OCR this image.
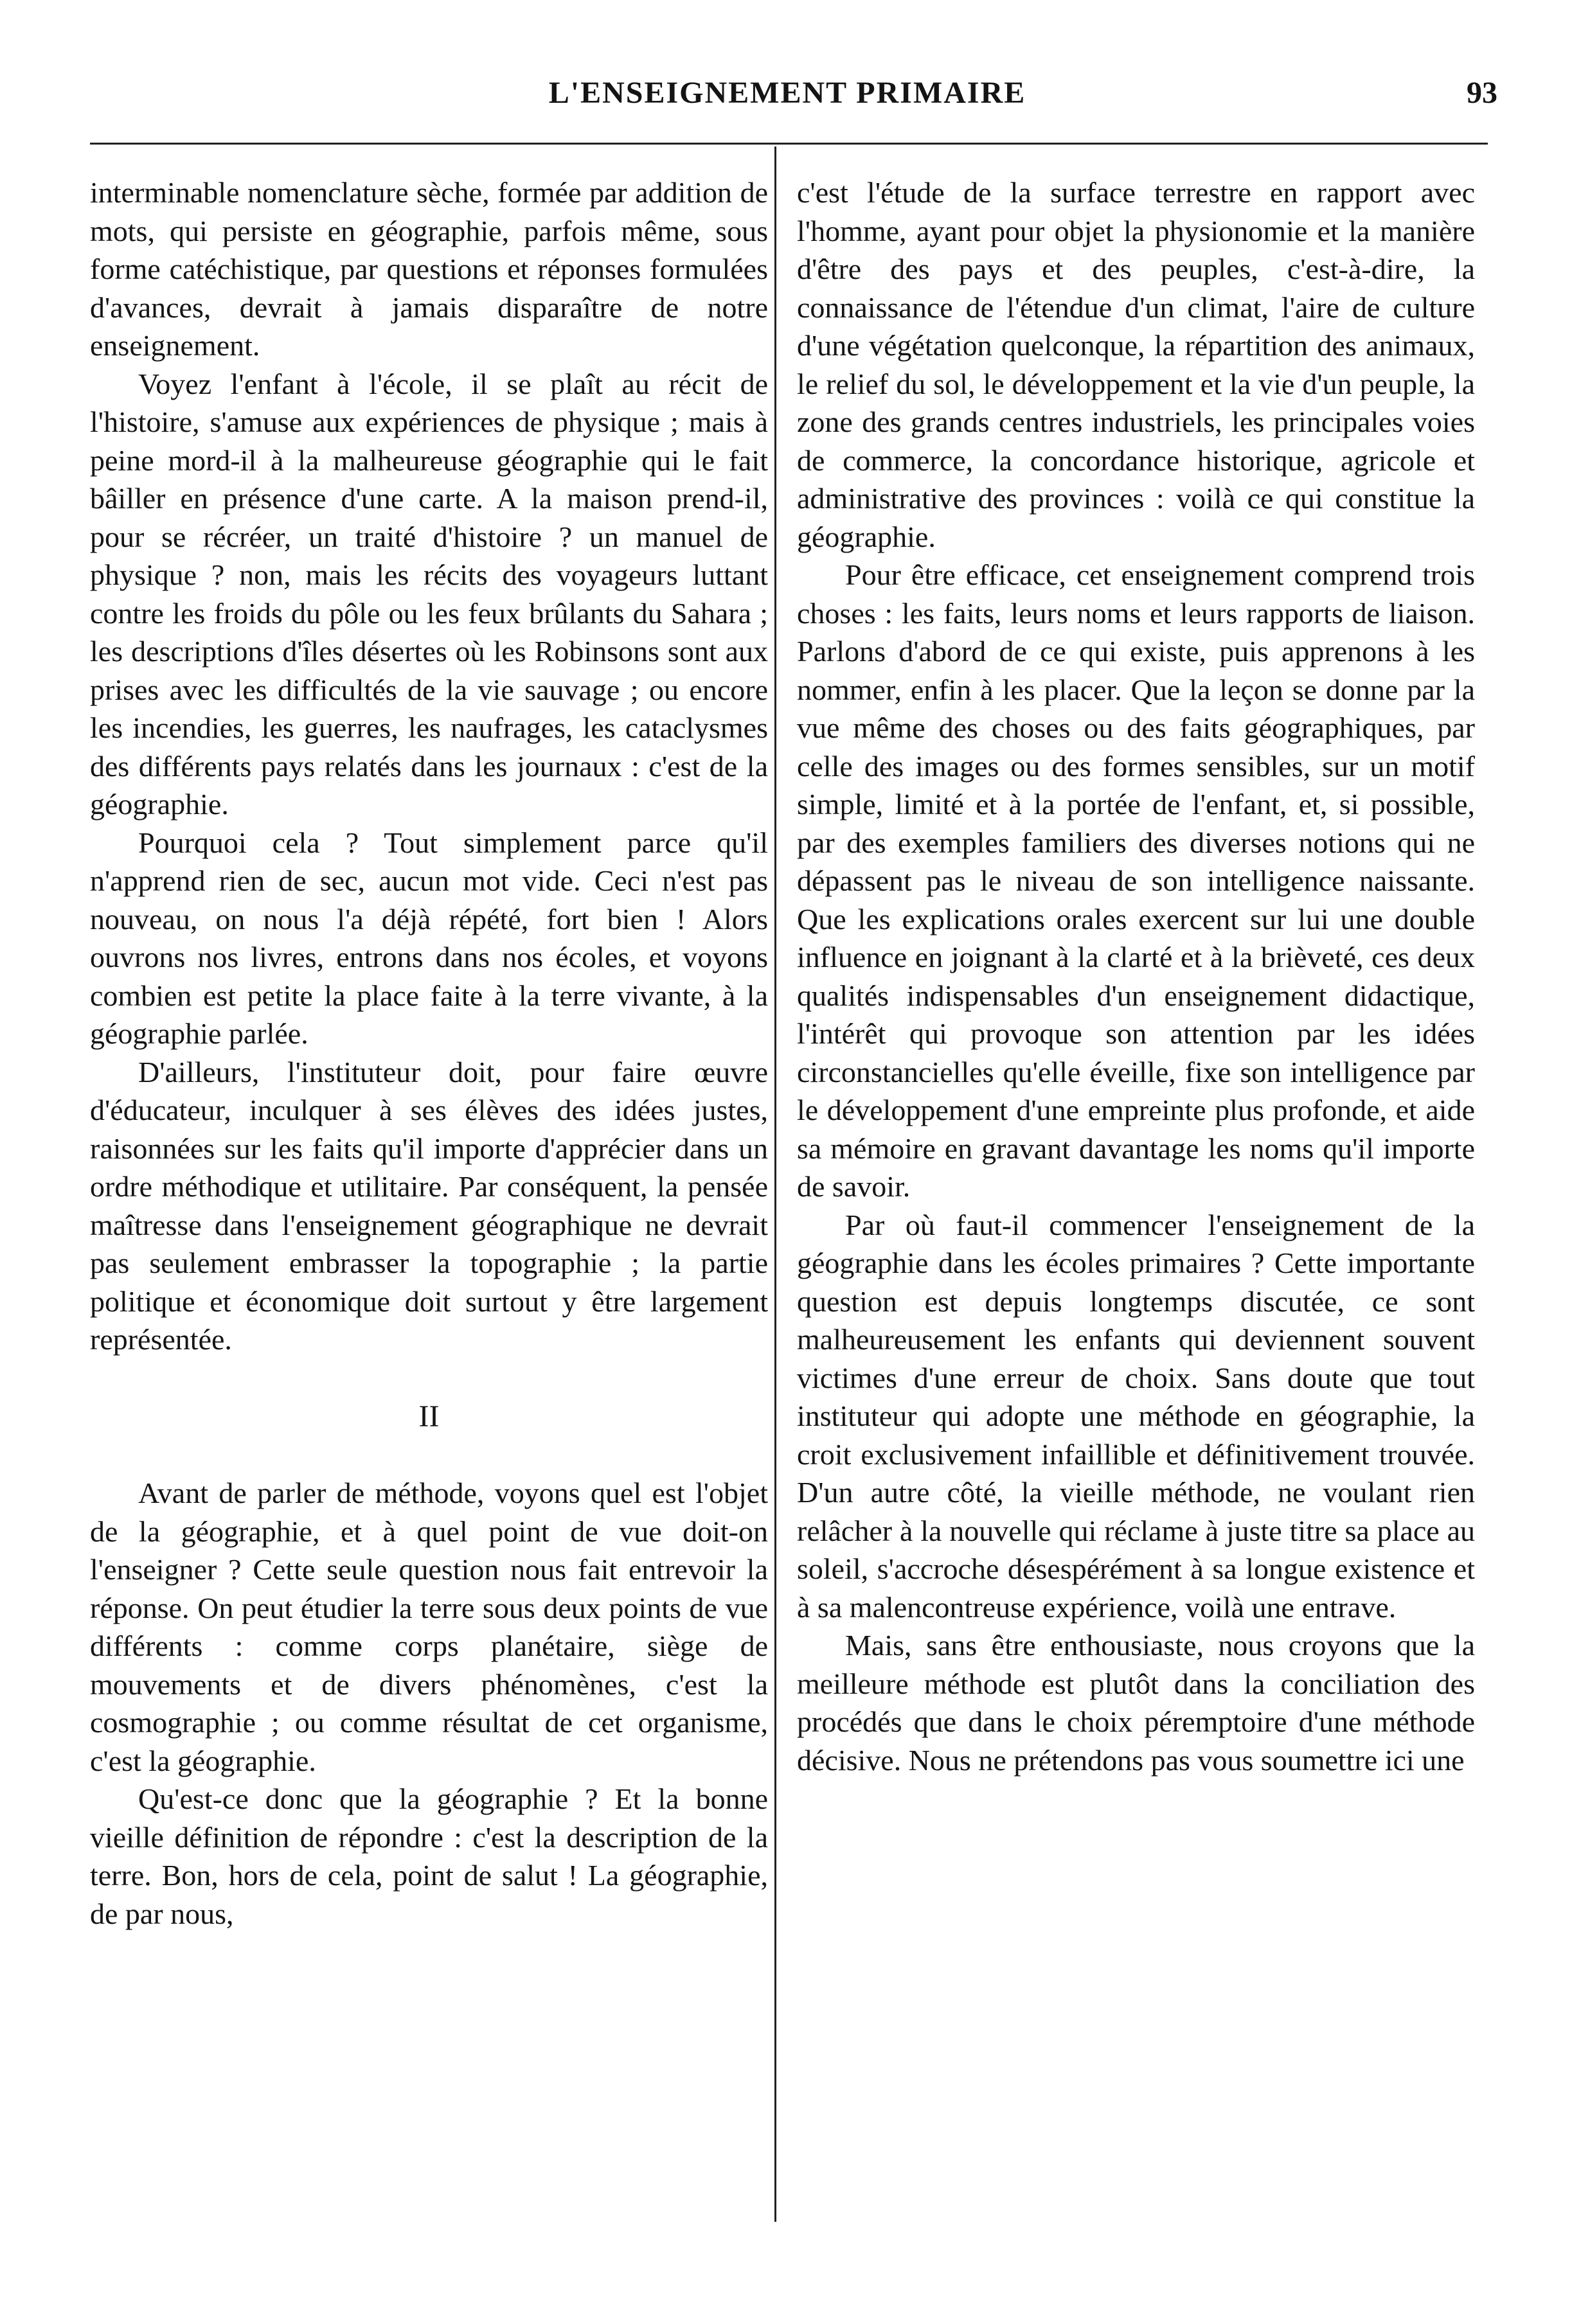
L'ENSEIGNEMENT PRIMAIRE	93

interminable nomenclature sèche, formée par addition de mots, qui persiste en géographie, parfois même, sous forme catéchistique, par questions et réponses formulées d'avances, devrait à jamais disparaître de notre enseignement.

Voyez l'enfant à l'école, il se plaît au récit de l'histoire, s'amuse aux expériences de physique ; mais à peine mord-il à la malheureuse géographie qui le fait bâiller en présence d'une carte. A la maison prend-il, pour se récréer, un traité d'histoire ? un manuel de physique ? non, mais les récits des voyageurs luttant contre les froids du pôle ou les feux brûlants du Sahara ; les descriptions d'îles désertes où les Robinsons sont aux prises avec les difficultés de la vie sauvage ; ou encore les incendies, les guerres, les naufrages, les cataclysmes des différents pays relatés dans les journaux : c'est de la géographie.

Pourquoi cela ? Tout simplement parce qu'il n'apprend rien de sec, aucun mot vide. Ceci n'est pas nouveau, on nous l'a déjà répété, fort bien ! Alors ouvrons nos livres, entrons dans nos écoles, et voyons combien est petite la place faite à la terre vivante, à la géographie parlée.

D'ailleurs, l'instituteur doit, pour faire œuvre d'éducateur, inculquer à ses élèves des idées justes, raisonnées sur les faits qu'il importe d'apprécier dans un ordre méthodique et utilitaire. Par conséquent, la pensée maîtresse dans l'enseignement géographique ne devrait pas seulement embrasser la topographie ; la partie politique et économique doit surtout y être largement représentée.

II

Avant de parler de méthode, voyons quel est l'objet de la géographie, et à quel point de vue doit-on l'enseigner ? Cette seule question nous fait entrevoir la réponse. On peut étudier la terre sous deux points de vue différents : comme corps planétaire, siège de mouvements et de divers phénomènes, c'est la cosmographie ; ou comme résultat de cet organisme, c'est la géographie.

Qu'est-ce donc que la géographie ? Et la bonne vieille définition de répondre : c'est la description de la terre. Bon, hors de cela, point de salut ! La géographie, de par nous,

c'est l'étude de la surface terrestre en rapport avec l'homme, ayant pour objet la physionomie et la manière d'être des pays et des peuples, c'est-à-dire, la connaissance de l'étendue d'un climat, l'aire de culture d'une végétation quelconque, la répartition des animaux, le relief du sol, le développement et la vie d'un peuple, la zone des grands centres industriels, les principales voies de commerce, la concordance historique, agricole et administrative des provinces : voilà ce qui constitue la géographie.

Pour être efficace, cet enseignement comprend trois choses : les faits, leurs noms et leurs rapports de liaison. Parlons d'abord de ce qui existe, puis apprenons à les nommer, enfin à les placer. Que la leçon se donne par la vue même des choses ou des faits géographiques, par celle des images ou des formes sensibles, sur un motif simple, limité et à la portée de l'enfant, et, si possible, par des exemples familiers des diverses notions qui ne dépassent pas le niveau de son intelligence naissante. Que les explications orales exercent sur lui une double influence en joignant à la clarté et à la brièveté, ces deux qualités indispensables d'un enseignement didactique, l'intérêt qui provoque son attention par les idées circonstancielles qu'elle éveille, fixe son intelligence par le développement d'une empreinte plus profonde, et aide sa mémoire en gravant davantage les noms qu'il importe de savoir.

Par où faut-il commencer l'enseignement de la géographie dans les écoles primaires ? Cette importante question est depuis longtemps discutée, ce sont malheureusement les enfants qui deviennent souvent victimes d'une erreur de choix. Sans doute que tout instituteur qui adopte une méthode en géographie, la croit exclusivement infaillible et définitivement trouvée. D'un autre côté, la vieille méthode, ne voulant rien relâcher à la nouvelle qui réclame à juste titre sa place au soleil, s'accroche désespérément à sa longue existence et à sa malencontreuse expérience, voilà une entrave.

Mais, sans être enthousiaste, nous croyons que la meilleure méthode est plutôt dans la conciliation des procédés que dans le choix péremptoire d'une méthode décisive. Nous ne prétendons pas vous soumettre ici une
